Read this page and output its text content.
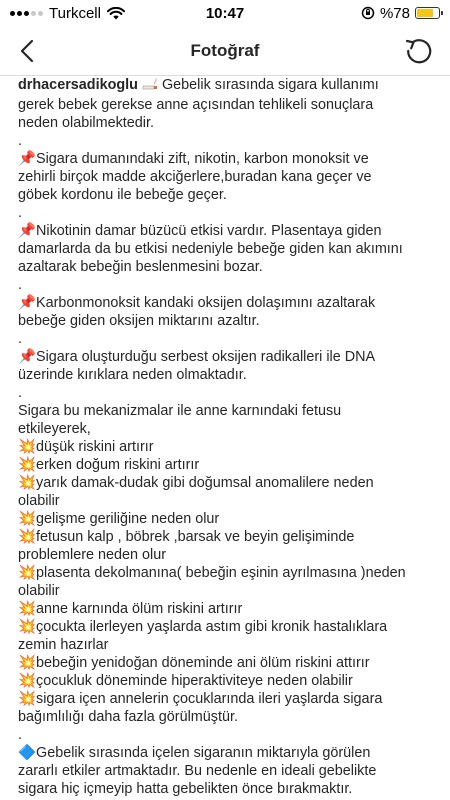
Turkcell	10:47	%78
Fotoğraf
drhacersadikoglu Gebelik sırasında sigara kullanımı
gerek bebek gerekse anne açısından tehlikeli sonuçlara
neden olabilmektedir.
.
📌Sigara dumanındaki zift, nikotin, karbon monoksit ve
zehirli birçok madde akciğerlere,buradan kana geçer ve
göbek kordonu ile bebeğe geçer.
.
📌Nikotinin damar büzücü etkisi vardır. Plasentaya giden
damarlarda da bu etkisi nedeniyle bebeğe giden kan akımını
azaltarak bebeğin beslenmesini bozar.
.
📌Karbonmonoksit kandaki oksijen dolaşımını azaltarak
bebeğe giden oksijen miktarını azaltır.
.
📌Sigara oluşturduğu serbest oksijen radikalleri ile DNA
üzerinde kırıklara neden olmaktadır.
.
Sigara bu mekanizmalar ile anne karnındaki fetusu
etkileyerek,
💥düşük riskini artırır
💥erken doğum riskini artırır
💥yarık damak-dudak gibi doğumsal anomalilere neden
olabilir
💥gelişme geriliğine neden olur
💥fetusun kalp , böbrek ,barsak ve beyin gelişiminde
problemlere neden olur
💥plasenta dekolmanına( bebeğin eşinin ayrılmasına )neden
olabilir
💥anne karnında ölüm riskini artırır
💥çocukta ilerleyen yaşlarda astım gibi kronik hastalıklara
zemin hazırlar
💥bebeğin yenidoğan döneminde ani ölüm riskini attırır
💥çocukluk döneminde hiperaktiviteye neden olabilir
💥sigara içen annelerin çocuklarında ileri yaşlarda sigara
bağımlılığı daha fazla görülmüştür.
.
🔷Gebelik sırasında içelen sigaranın miktarıyla görülen
zararlı etkiler artmaktadır. Bu nedenle en ideali gebelikte
sigara hiç içmeyip hatta gebelikten önce bırakmaktır.
